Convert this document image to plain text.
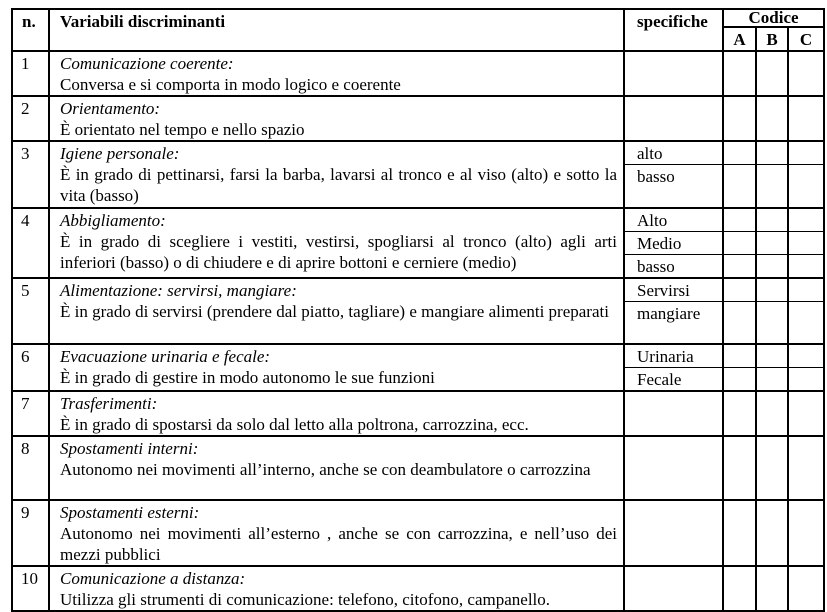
n.	Variabili discriminanti	specifiche	Codice		
			A	B	C
1	Comunicazione coerente:
Conversa e si comporta in modo logico e coerente				

2	Orientamento:
È orientato nel tempo e nello spazio				

3	Igiene personale:
È in grado di pettinarsi, farsi la barba, lavarsi al tronco e al viso (alto) e sotto la vita (basso)	alto			
		basso			
4	Abbigliamento:
È in grado di scegliere i vestiti, vestirsi, spogliarsi al tronco (alto) agli arti inferiori (basso) o di chiudere e di aprire bottoni e cerniere (medio)	Alto			
		Medio			
		basso			
5	Alimentazione: servirsi, mangiare:
È in grado di servirsi (prendere dal piatto, tagliare) e mangiare alimenti preparati	Servirsi			
		mangiare			
6	Evacuazione urinaria e fecale:
È in grado di gestire in modo autonomo le sue funzioni	Urinaria			
		Fecale			
7	Trasferimenti:
È in grado di spostarsi da solo dal letto alla poltrona, carrozzina, ecc.				

8	Spostamenti interni:
Autonomo nei movimenti all’interno, anche se con deambulatore o carrozzina				

9	Spostamenti esterni:
Autonomo nei movimenti all’esterno , anche se con carrozzina, e nell’uso dei mezzi pubblici				

10	Comunicazione a distanza:
Utilizza gli strumenti di comunicazione: telefono, citofono, campanello.				
